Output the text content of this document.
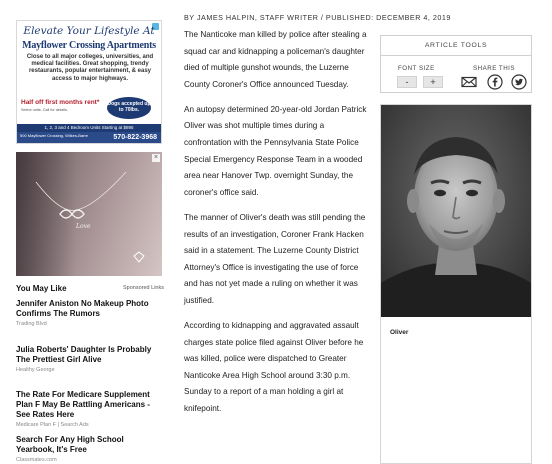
Elevate Your Lifestyle At
Mayflower Crossing Apartments
Close to all major colleges, universities, and medical facilities. Great shopping, trendy restaurants, popular entertainment, & easy access to major highways.
Half off first months rent*
Select units. Call for details.
Dogs accepted up to 70lbs.
1, 2, 3 and 4 Bedroom Units Starting at $895
500 Mayflower Crossing, Wilkes-Barre	570-822-3968
Love
×
You May Like	Sponsored Links
Jennifer Aniston No Makeup Photo Confirms The Rumors
Trading Blvd
Julia Roberts' Daughter Is Probably The Prettiest Girl Alive
Healthy George
The Rate For Medicare Supplement Plan F May Be Rattling Americans - See Rates Here
Medicare Plan F | Search Ads
Search For Any High School Yearbook, It's Free
Classmates.com
BY JAMES HALPIN, STAFF WRITER / PUBLISHED: DECEMBER 4, 2019

The Nanticoke man killed by police after stealing a squad car and kidnapping a policeman's daughter died of multiple gunshot wounds, the Luzerne County Coroner's Office announced Tuesday.

An autopsy determined 20-year-old Jordan Patrick Oliver was shot multiple times during a confrontation with the Pennsylvania State Police Special Emergency Response Team in a wooded area near Hanover Twp. overnight Sunday, the coroner's office said.

The manner of Oliver's death was still pending the results of an investigation, Coroner Frank Hacken said in a statement. The Luzerne County District Attorney's Office is investigating the use of force and has not yet made a ruling on whether it was justified.

According to kidnapping and aggravated assault charges state police filed against Oliver before he was killed, police were dispatched to Greater Nanticoke Area High School around 3:30 p.m. Sunday to a report of a man holding a girl at knifepoint.

ARTICLE TOOLS
FONT SIZE	SHARE THIS
-	+
Oliver
